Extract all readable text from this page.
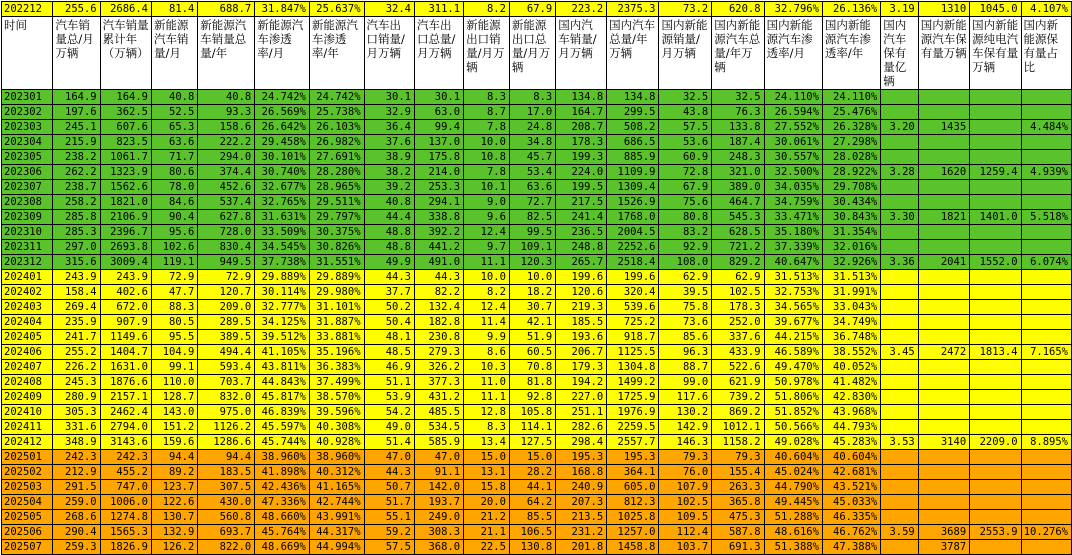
202212	255.6	2686.4	81.4	688.7	31.847%	25.637%	32.4	311.1	8.2	67.9	223.2	2375.3	73.2	620.8	32.796%	26.136%	3.19	1310	1045.0	4.107%
时间	汽车销量总/月万辆	汽车销量累计年（万辆）	新能源汽车销量/月	新能源汽车销量总量/年	新能源汽车渗透率/月	新能源汽车渗透率/年	汽车出口销量/月万辆	汽车出口总量/月万辆	新能源出口销量/月万辆	新能源出口总量/月万辆	国内汽车销量/月万辆	国内汽车总量/年万辆	国内新能源销量/月万辆	国内新能源汽车总量/年万辆	国内新能源汽车渗透率/月	国内新能源汽车渗透率/年	国内汽车保有量亿辆	国内新能源汽车保有量万辆	国内新能源纯电汽车保有量万辆	国内新能源保有量占比
202301	164.9	164.9	40.8	40.8	24.742%	24.742%	30.1	30.1	8.3	8.3	134.8	134.8	32.5	32.5	24.110%	24.110%				
202302	197.6	362.5	52.5	93.3	26.569%	25.738%	32.9	63.0	8.7	17.0	164.7	299.5	43.8	76.3	26.594%	25.476%				
202303	245.1	607.6	65.3	158.6	26.642%	26.103%	36.4	99.4	7.8	24.8	208.7	508.2	57.5	133.8	27.552%	26.328%	3.20	1435		4.484%
202304	215.9	823.5	63.6	222.2	29.458%	26.982%	37.6	137.0	10.0	34.8	178.3	686.5	53.6	187.4	30.061%	27.298%				
202305	238.2	1061.7	71.7	294.0	30.101%	27.691%	38.9	175.8	10.8	45.7	199.3	885.9	60.9	248.3	30.557%	28.028%				
202306	262.2	1323.9	80.6	374.4	30.740%	28.280%	38.2	214.0	7.8	53.4	224.0	1109.9	72.8	321.0	32.500%	28.922%	3.28	1620	1259.4	4.939%
202307	238.7	1562.6	78.0	452.6	32.677%	28.965%	39.2	253.3	10.1	63.6	199.5	1309.4	67.9	389.0	34.035%	29.708%				
202308	258.2	1821.0	84.6	537.4	32.765%	29.511%	40.8	294.1	9.0	72.7	217.5	1526.9	75.6	464.7	34.759%	30.434%				
202309	285.8	2106.9	90.4	627.8	31.631%	29.797%	44.4	338.8	9.6	82.5	241.4	1768.0	80.8	545.3	33.471%	30.843%	3.30	1821	1401.0	5.518%
202310	285.3	2396.7	95.6	728.0	33.509%	30.375%	48.8	392.2	12.4	99.5	236.5	2004.5	83.2	628.5	35.180%	31.354%				
202311	297.0	2693.8	102.6	830.4	34.545%	30.826%	48.8	441.2	9.7	109.1	248.8	2252.6	92.9	721.2	37.339%	32.016%				
202312	315.6	3009.4	119.1	949.5	37.738%	31.551%	49.9	491.0	11.1	120.3	265.7	2518.4	108.0	829.2	40.647%	32.926%	3.36	2041	1552.0	6.074%
202401	243.9	243.9	72.9	72.9	29.889%	29.889%	44.3	44.3	10.0	10.0	199.6	199.6	62.9	62.9	31.513%	31.513%				
202402	158.4	402.6	47.7	120.7	30.114%	29.980%	37.7	82.2	8.2	18.2	120.6	320.4	39.5	102.5	32.753%	31.991%				
202403	269.4	672.0	88.3	209.0	32.777%	31.101%	50.2	132.4	12.4	30.7	219.3	539.6	75.8	178.3	34.565%	33.043%				
202404	235.9	907.9	80.5	289.5	34.125%	31.887%	50.4	182.8	11.4	42.1	185.5	725.2	73.6	252.0	39.677%	34.749%				
202405	241.7	1149.6	95.5	389.5	39.512%	33.881%	48.1	230.8	9.9	51.9	193.6	918.7	85.6	337.6	44.215%	36.748%				
202406	255.2	1404.7	104.9	494.4	41.105%	35.196%	48.5	279.3	8.6	60.5	206.7	1125.5	96.3	433.9	46.589%	38.552%	3.45	2472	1813.4	7.165%
202407	226.2	1631.0	99.1	593.4	43.811%	36.383%	46.9	326.2	10.3	70.8	179.3	1304.8	88.7	522.6	49.470%	40.052%				
202408	245.3	1876.6	110.0	703.7	44.843%	37.499%	51.1	377.3	11.0	81.8	194.2	1499.2	99.0	621.9	50.978%	41.482%				
202409	280.9	2157.1	128.7	832.0	45.817%	38.570%	53.9	431.2	11.1	92.8	227.0	1725.9	117.6	739.2	51.806%	42.830%				
202410	305.3	2462.4	143.0	975.0	46.839%	39.596%	54.2	485.5	12.8	105.8	251.1	1976.9	130.2	869.2	51.852%	43.968%				
202411	331.6	2794.0	151.2	1126.2	45.597%	40.308%	49.0	534.5	8.3	114.1	282.6	2259.5	142.9	1012.1	50.566%	44.793%				
202412	348.9	3143.6	159.6	1286.6	45.744%	40.928%	51.4	585.9	13.4	127.5	298.4	2557.7	146.3	1158.2	49.028%	45.283%	3.53	3140	2209.0	8.895%
202501	242.3	242.3	94.4	94.4	38.960%	38.960%	47.0	47.0	15.0	15.0	195.3	195.3	79.3	79.3	40.604%	40.604%				
202502	212.9	455.2	89.2	183.5	41.898%	40.312%	44.3	91.1	13.1	28.2	168.8	364.1	76.0	155.4	45.024%	42.681%				
202503	291.5	747.0	123.7	307.5	42.436%	41.165%	50.7	142.0	15.8	44.1	240.9	605.0	107.9	263.3	44.790%	43.521%				
202504	259.0	1006.0	122.6	430.0	47.336%	42.744%	51.7	193.7	20.0	64.2	207.3	812.3	102.5	365.8	49.445%	45.033%				
202505	268.6	1274.8	130.7	560.8	48.660%	43.991%	55.1	249.0	21.2	85.5	213.5	1025.8	109.5	475.3	51.288%	46.335%				
202506	290.4	1565.3	132.9	693.7	45.764%	44.317%	59.2	308.3	21.1	106.5	231.2	1257.0	112.4	587.8	48.616%	46.762%	3.59	3689	2553.9	10.276%
202507	259.3	1826.9	126.2	822.0	48.669%	44.994%	57.5	368.0	22.5	130.8	201.8	1458.8	103.7	691.3	51.388%	47.388%		3787		
